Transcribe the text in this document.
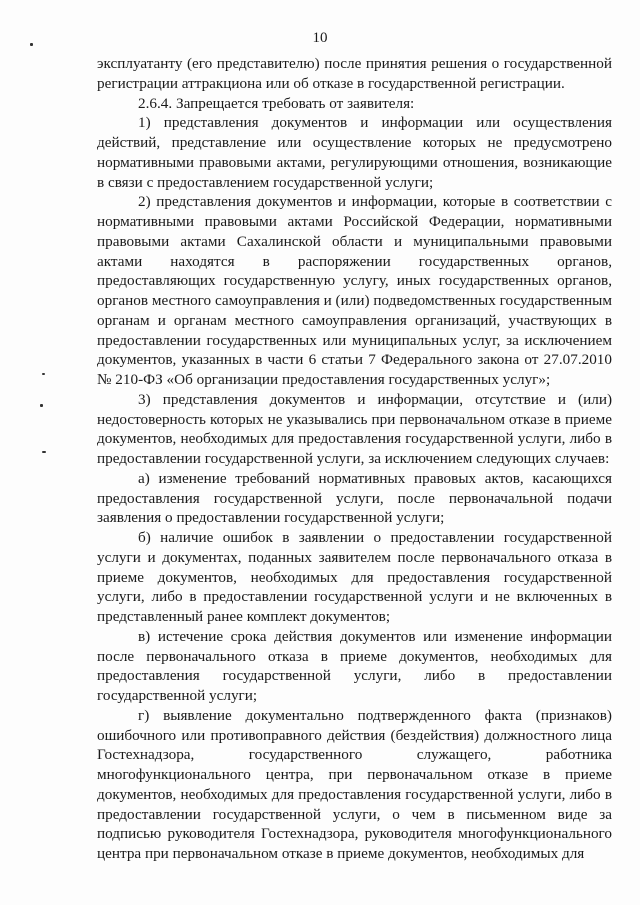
10

эксплуатанту (его представителю) после принятия решения о государственной регистрации аттракциона или об отказе в государственной регистрации.

2.6.4. Запрещается требовать от заявителя:

1) представления документов и информации или осуществления действий, представление или осуществление которых не предусмотрено нормативными правовыми актами, регулирующими отношения, возникающие в связи с предоставлением государственной услуги;

2) представления документов и информации, которые в соответствии с нормативными правовыми актами Российской Федерации, нормативными правовыми актами Сахалинской области и муниципальными правовыми актами находятся в распоряжении государственных органов, предоставляющих государственную услугу, иных государственных органов, органов местного самоуправления и (или) подведомственных государственным органам и органам местного самоуправления организаций, участвующих в предоставлении государственных или муниципальных услуг, за исключением документов, указанных в части 6 статьи 7 Федерального закона от 27.07.2010 № 210-ФЗ «Об организации предоставления государственных услуг»;

3) представления документов и информации, отсутствие и (или) недостоверность которых не указывались при первоначальном отказе в приеме документов, необходимых для предоставления государственной услуги, либо в предоставлении государственной услуги, за исключением следующих случаев:

а) изменение требований нормативных правовых актов, касающихся предоставления государственной услуги, после первоначальной подачи заявления о предоставлении государственной услуги;

б) наличие ошибок в заявлении о предоставлении государственной услуги и документах, поданных заявителем после первоначального отказа в приеме документов, необходимых для предоставления государственной услуги, либо в предоставлении государственной услуги и не включенных в представленный ранее комплект документов;

в) истечение срока действия документов или изменение информации после первоначального отказа в приеме документов, необходимых для предоставления государственной услуги, либо в предоставлении государственной услуги;

г) выявление документально подтвержденного факта (признаков) ошибочного или противоправного действия (бездействия) должностного лица Гостехнадзора, государственного служащего, работника многофункционального центра, при первоначальном отказе в приеме документов, необходимых для предоставления государственной услуги, либо в предоставлении государственной услуги, о чем в письменном виде за подписью руководителя Гостехнадзора, руководителя многофункционального центра при первоначальном отказе в приеме документов, необходимых для
